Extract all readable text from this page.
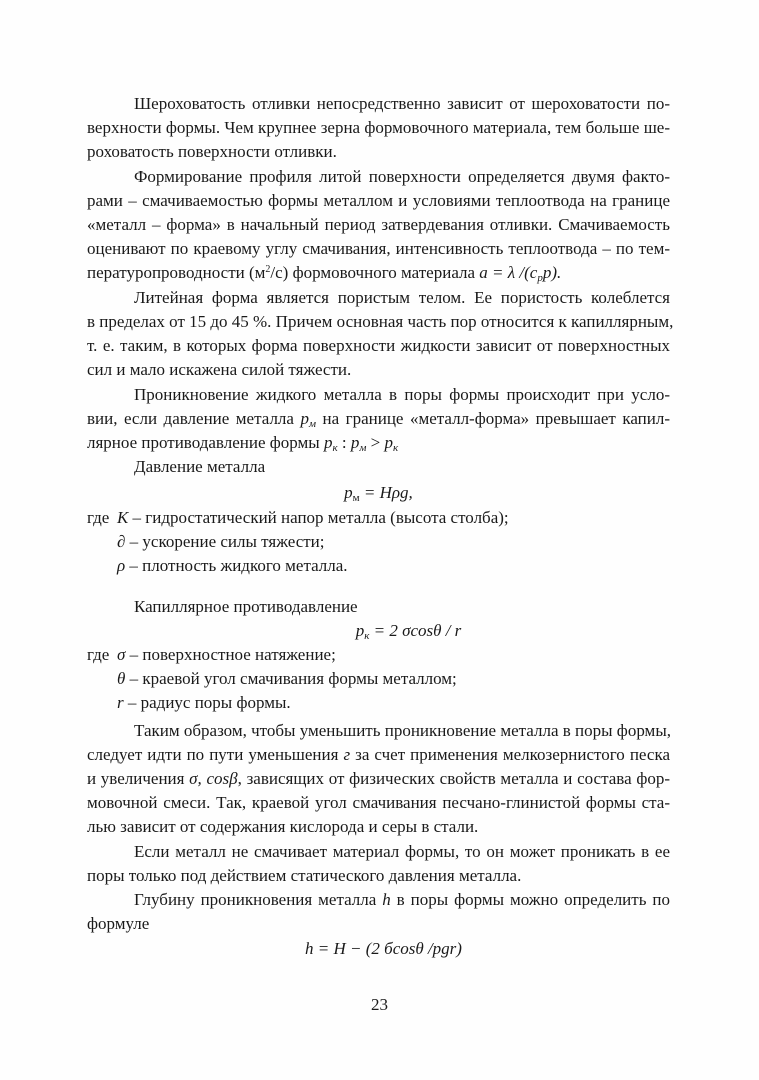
Шероховатость отливки непосредственно зависит от шероховатости по-
верхности формы. Чем крупнее зерна формовочного материала, тем больше ше-
роховатость поверхности отливки.
Формирование профиля литой поверхности определяется двумя факто-
рами – смачиваемостью формы металлом и условиями теплоотвода на границе
«металл – форма» в начальный период затвердевания отливки. Смачиваемость
оценивают по краевому углу смачивания, интенсивность теплоотвода – по тем-
пературопроводности $(м^2/с)$ формовочного материала a = λ $/(c_pp)$.
Литейная форма является пористым телом. Ее пористость колеблется
в пределах от 15 до 45 %. Причем основная часть пор относится к капиллярным,
т. е. таким, в которых форма поверхности жидкости зависит от поверхностных
сил и мало искажена силой тяжести.
Проникновение жидкого металла в поры формы происходит при усло-
вии, если давление металла $p_м$ на границе «металл-форма» превышает капил-
лярное противодавление формы $p_к$ : $p_м > p_к$
Давление металла
$p_м = H\rho g$,
где К – гидростатический напор металла (высота столба);
∂ – ускорение силы тяжести;
ρ – плотность жидкого металла.
Капиллярное противодавление
$p_к = 2$ σcosθ / r
где σ – поверхностное натяжение;
θ – краевой угол смачивания формы металлом;
r – радиус поры формы.
Таким образом, чтобы уменьшить проникновение металла в поры формы,
следует идти по пути уменьшения г за счет применения мелкозернистого песка
и увеличения σ, cosβ, зависящих от физических свойств металла и состава фор-
мовочной смеси. Так, краевой угол смачивания песчано-глинистой формы ста-
лью зависит от содержания кислорода и серы в стали.
Если металл не смачивает материал формы, то он может проникать в ее
поры только под действием статического давления металла.
Глубину проникновения металла h в поры формы можно определить по
формуле
h = H − (2 бcosθ /pgr)
23
